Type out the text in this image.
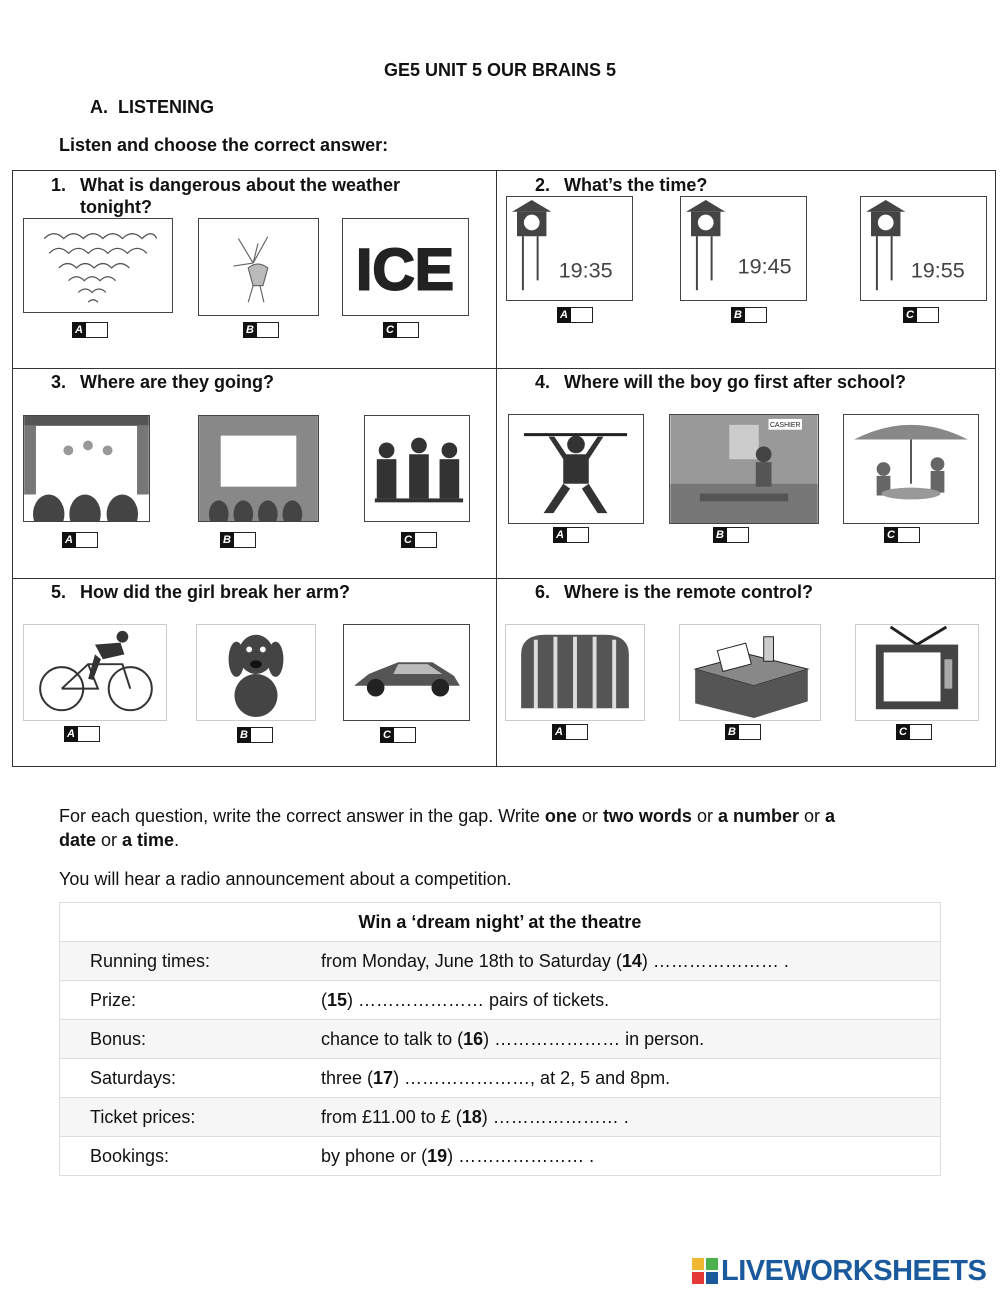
GE5 UNIT 5 OUR BRAINS 5
A. LISTENING
Listen and choose the correct answer:
1. What is dangerous about the weather tonight?
ICE
A	B	C
2. What’s the time?
19:35	19:45	19:55
A	B	C
3. Where are they going?
A	B	C
4. Where will the boy go first after school?
CASHIER
A	B	C
5. How did the girl break her arm?
A	B	C
6. Where is the remote control?
A	B	C
For each question, write the correct answer in the gap. Write one or two words or a number or a
date or a time.
You will hear a radio announcement about a competition.
Win a ‘dream night’ at the theatre
Running times:	from Monday, June 18th to Saturday (14) ………………… .
Prize:	(15) ………………… pairs of tickets.
Bonus:	chance to talk to (16) ………………… in person.
Saturdays:	three (17) …………………, at 2, 5 and 8pm.
Ticket prices:	from £11.00 to £ (18) ………………… .
Bookings:	by phone or (19) ………………… .
LIVEWORKSHEETS
